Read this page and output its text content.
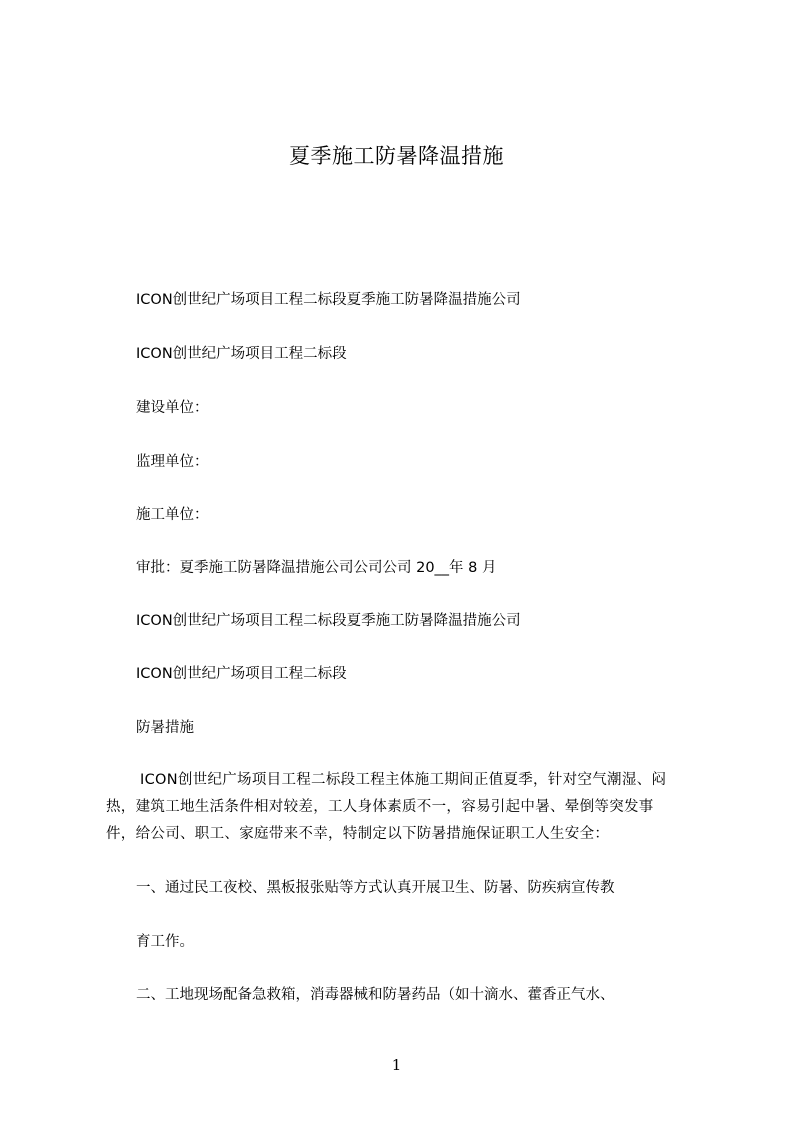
夏季施工防暑降温措施
ICON创世纪广场项目工程二标段夏季施工防暑降温措施公司
ICON创世纪广场项目工程二标段
建设单位：
监理单位：
施工单位：
审批：夏季施工防暑降温措施公司公司公司 20__年 8 月
ICON创世纪广场项目工程二标段夏季施工防暑降温措施公司
ICON创世纪广场项目工程二标段
防暑措施
ICON创世纪广场项目工程二标段工程主体施工期间正值夏季，针对空气潮湿、闷
热，建筑工地生活条件相对较差，工人身体素质不一，容易引起中暑、晕倒等突发事
件，给公司、职工、家庭带来不幸，特制定以下防暑措施保证职工人生安全：
一、通过民工夜校、黑板报张贴等方式认真开展卫生、防暑、防疾病宣传教
育工作。
二、工地现场配备急救箱，消毒器械和防暑药品（如十滴水、藿香正气水、
1
